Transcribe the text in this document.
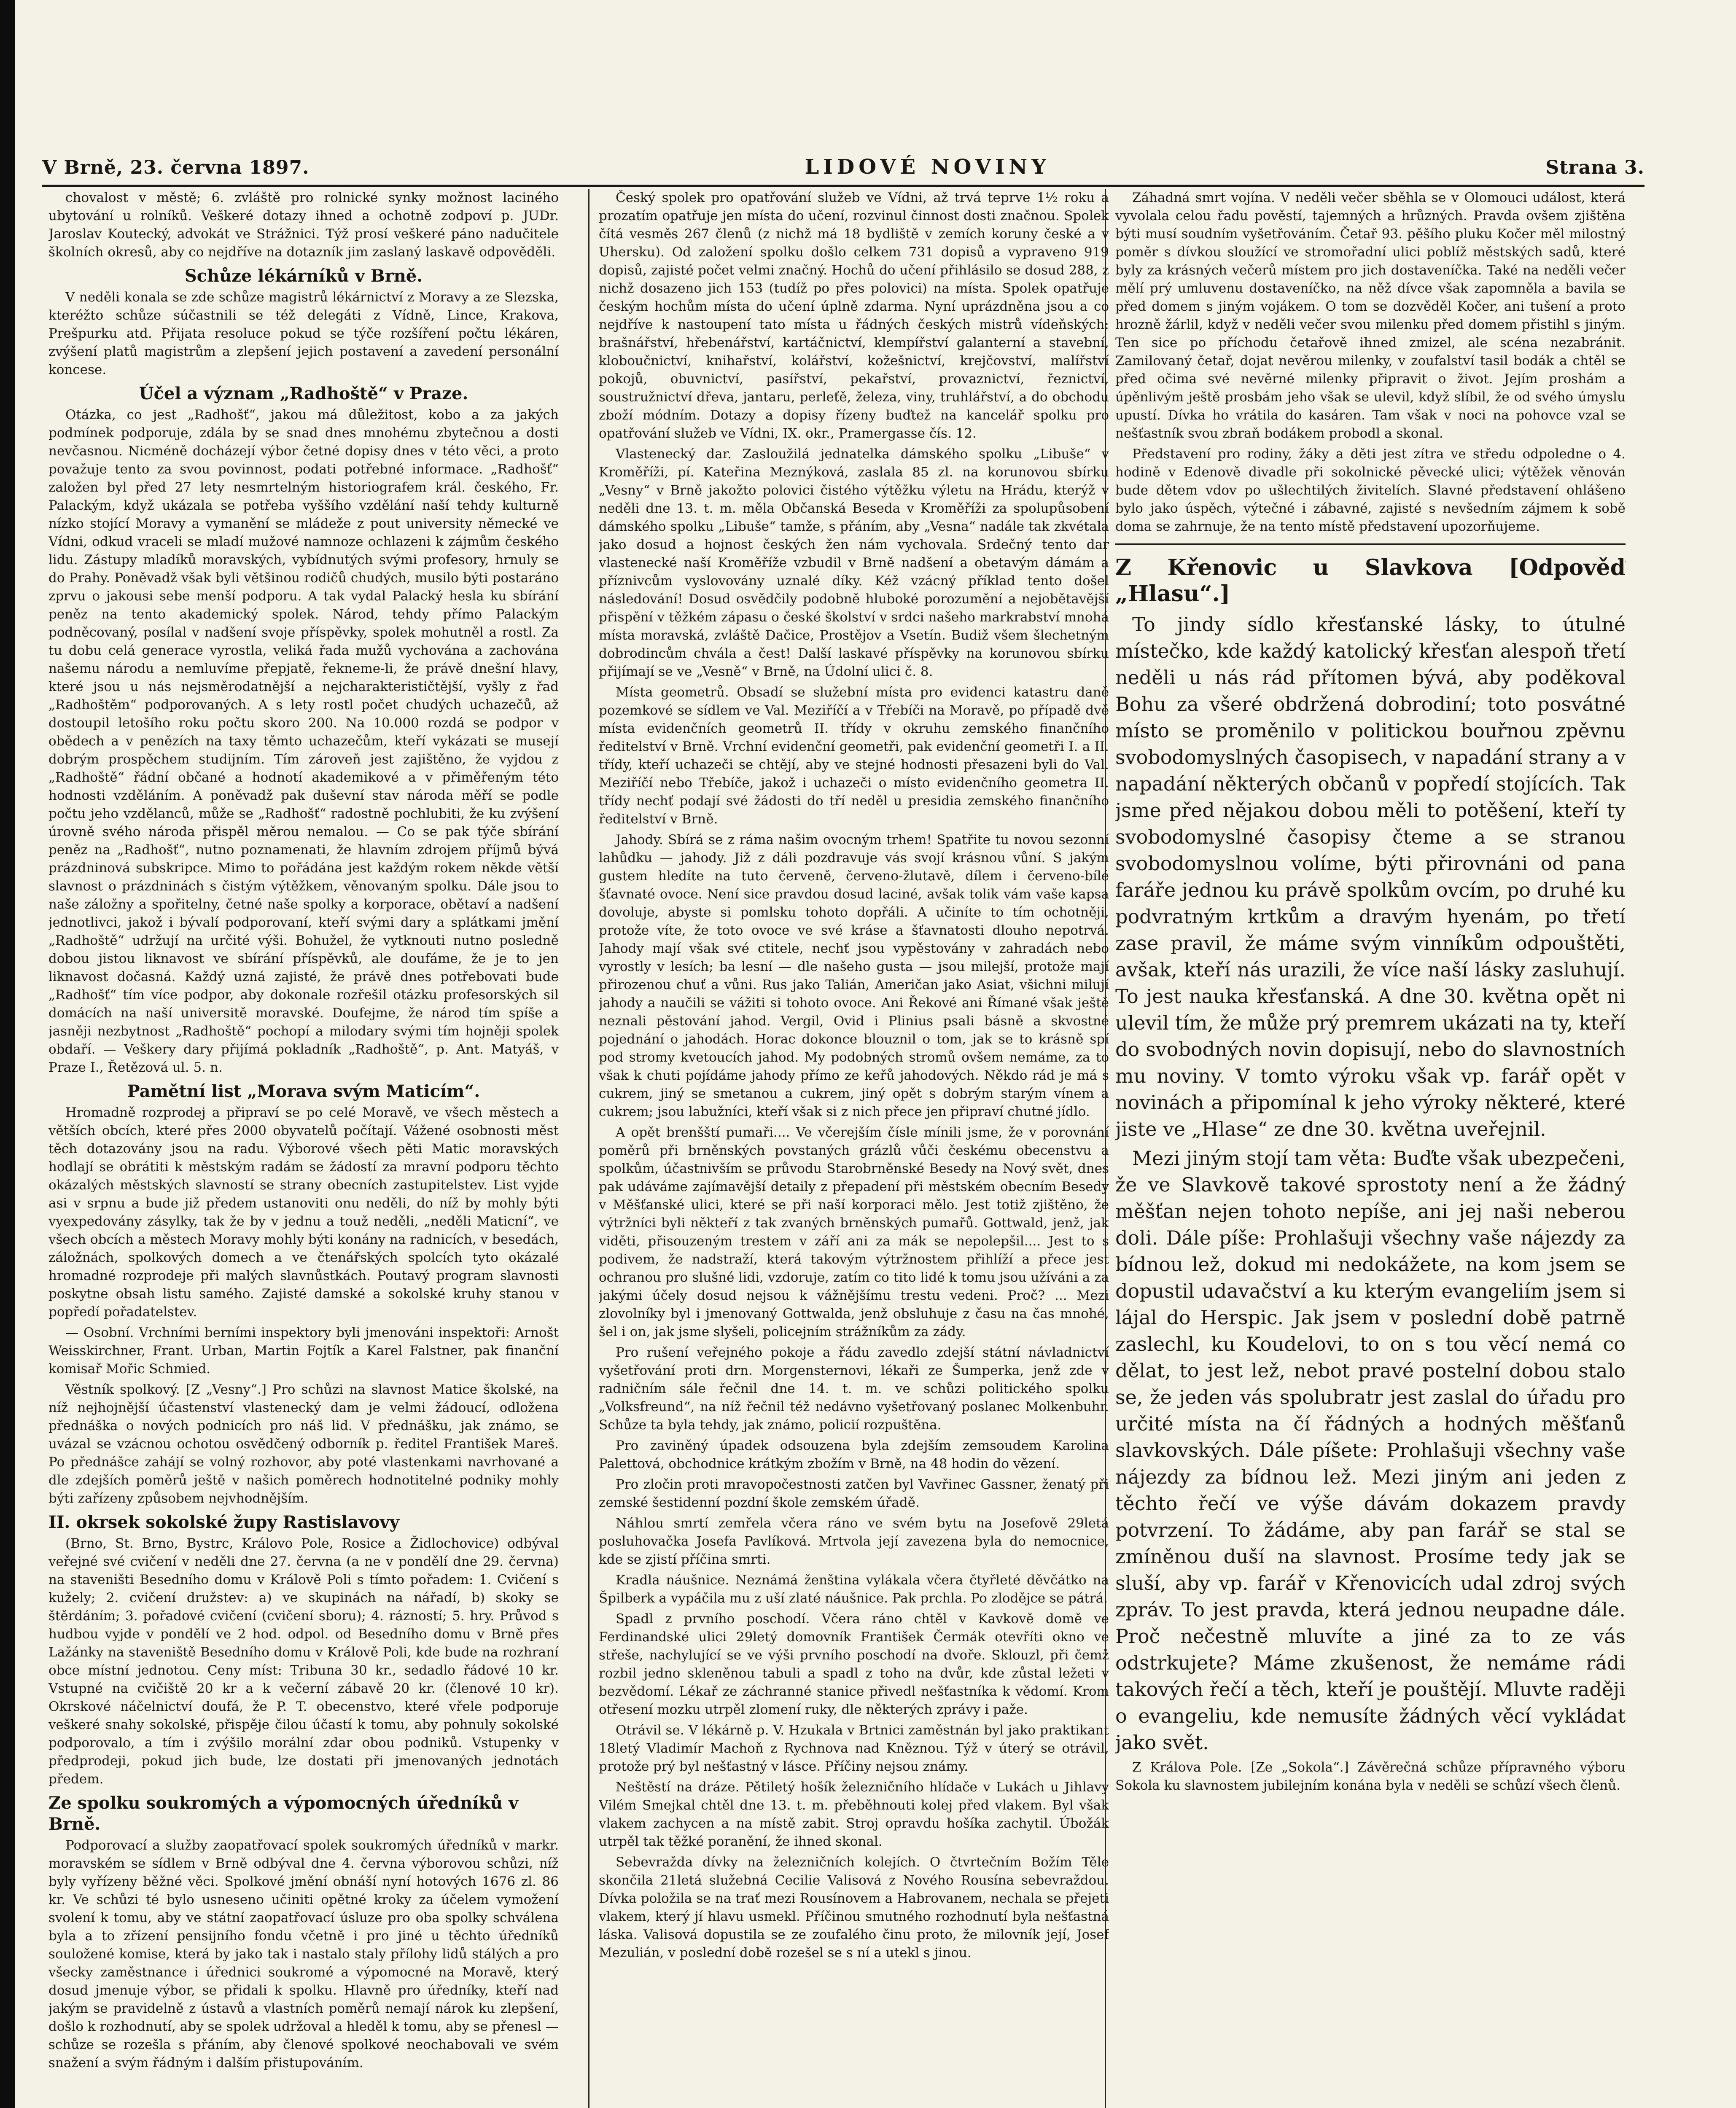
V Brně, 23. června 1897.	LIDOVÉ NOVINY	Strana 3.

chovalost v městě; 6. zvláště pro rolnické synky možnost laciného ubytování u rolníků. Veškeré dotazy ihned a ochotně zodpoví p. JUDr. Jaroslav Koutecký, advokát ve Strážnici. Týž prosí veškeré páno nadučitele školních okresů, aby co nejdříve na dotazník jim zaslaný laskavě odpověděli.

Schůze lékárníků v Brně.

V neděli konala se zde schůze magistrů lékárnictví z Moravy a ze Slezska, kteréžto schůze súčastnili se též delegáti z Vídně, Lince, Krakova, Prešpurku atd. Přijata resoluce pokud se týče rozšíření počtu lékáren, zvýšení platů magistrům a zlepšení jejich postavení a zavedení personální koncese.

Účel a význam „Radhoště“ v Praze.

Otázka, co jest „Radhošť“, jakou má důležitost, kobo a za jakých podmínek podporuje, zdála by se snad dnes mnohému zbytečnou a dosti nevčasnou. Nicméně docházejí výbor četné dopisy dnes v této věci, a proto považuje tento za svou povinnost, podati potřebné informace. „Radhošť“ založen byl před 27 lety nesmrtelným historiografem král. českého, Fr. Palackým, když ukázala se potřeba vyššího vzdělání naší tehdy kulturně nízko stojící Moravy a vymanění se mládeže z pout university německé ve Vídni, odkud vraceli se mladí mužové namnoze ochlazeni k zájmům českého lidu. Zástupy mladíků moravských, vybídnutých svými profesory, hrnuly se do Prahy. Poněvadž však byli většinou rodičů chudých, musilo býti postaráno zprvu o jakousi sebe menší podporu. A tak vydal Palacký hesla ku sbírání peněz na tento akademický spolek. Národ, tehdy přímo Palackým podněcovaný, posílal v nadšení svoje příspěvky, spolek mohutněl a rostl. Za tu dobu celá generace vyrostla, veliká řada mužů vychována a zachována našemu národu a nemluvíme přepjatě, řekneme-li, že právě dnešní hlavy, které jsou u nás nejsměrodatnější a nejcharakterističtější, vyšly z řad „Radhoštěm“ podporovaných. A s lety rostl počet chudých uchazečů, až dostoupil letošího roku počtu skoro 200. Na 10.000 rozdá se podpor v obědech a v penězích na taxy těmto uchazečům, kteří vykázati se musejí dobrým prospěchem studijním. Tím zároveň jest zajištěno, že vyjdou z „Radhoště“ řádní občané a hodnotí akademikové a v přiměřeným této hodnosti vzděláním. A poněvadž pak duševní stav národa měří se podle počtu jeho vzdělanců, může se „Radhošť“ radostně pochlubiti, že ku zvýšení úrovně svého národa přispěl měrou nemalou. — Co se pak týče sbírání peněz na „Radhošť“, nutno poznamenati, že hlavním zdrojem příjmů bývá prázdninová subskripce. Mimo to pořádána jest každým rokem někde větší slavnost o prázdninách s čistým výtěžkem, věnovaným spolku. Dále jsou to naše záložny a spořitelny, četné naše spolky a korporace, obětaví a nadšení jednotlivci, jakož i bývalí podporovaní, kteří svými dary a splátkami jmění „Radhoště“ udržují na určité výši. Bohužel, že vytknouti nutno posledně dobou jistou liknavost ve sbírání příspěvků, ale doufáme, že je to jen liknavost dočasná. Každý uzná zajisté, že právě dnes potřebovati bude „Radhošť“ tím více podpor, aby dokonale rozřešil otázku profesorských sil domácích na naší universitě moravské. Doufejme, že národ tím spíše a jasněji nezbytnost „Radhoště“ pochopí a milodary svými tím hojněji spolek obdaří. — Veškery dary přijímá pokladník „Radhoště“, p. Ant. Matyáš, v Praze I., Řetězová ul. 5. n.

Pamětní list „Morava svým Maticím“.

Hromadně rozprodej a připraví se po celé Moravě, ve všech městech a větších obcích, které přes 2000 obyvatelů počítají. Vážené osobnosti měst těch dotazovány jsou na radu. Výborové všech pěti Matic moravských hodlají se obrátiti k městským radám se žádostí za mravní podporu těchto okázalých městských slavností se strany obecních zastupitelstev. List vyjde asi v srpnu a bude již předem ustanoviti onu neděli, do níž by mohly býti vyexpedovány zásylky, tak že by v jednu a touž neděli, „neděli Maticní“, ve všech obcích a městech Moravy mohly býti konány na radnicích, v besedách, záložnách, spolkových domech a ve čtenářských spolcích tyto okázalé hromadné rozprodeje při malých slavnůstkách. Poutavý program slavnosti poskytne obsah listu samého. Zajisté damské a sokolské kruhy stanou v popředí pořadatelstev.

— Osobní. Vrchními berními inspektory byli jmenováni inspektoři: Arnošt Weisskirchner, Frant. Urban, Martin Fojtík a Karel Falstner, pak finanční komisař Mořic Schmied.

Věstník spolkový. [Z „Vesny“.] Pro schůzi na slavnost Matice školské, na níž nejhojnější účastenství vlastenecký dam je velmi žádoucí, odložena přednáška o nových podnicích pro náš lid. V přednášku, jak známo, se uvázal se vzácnou ochotou osvědčený odborník p. ředitel František Mareš. Po přednášce zahájí se volný rozhovor, aby poté vlastenkami navrhované a dle zdejších poměrů ještě v našich poměrech hodnotitelné podniky mohly býti zařízeny způsobem nejvhodnějším.

II. okrsek sokolské župy Rastislavovy

(Brno, St. Brno, Bystrc, Královo Pole, Rosice a Židlochovice) odbýval veřejné své cvičení v neděli dne 27. června (a ne v pondělí dne 29. června) na staveništi Besedního domu v Králově Poli s tímto pořadem: 1. Cvičení s kužely; 2. cvičení družstev: a) ve skupinách na nářadí, b) skoky se štěrdáním; 3. pořadové cvičení (cvičení sboru); 4. rázností; 5. hry. Průvod s hudbou vyjde v pondělí ve 2 hod. odpol. od Besedního domu v Brně přes Lažánky na staveniště Besedního domu v Králově Poli, kde bude na rozhraní obce místní jednotou. Ceny míst: Tribuna 30 kr., sedadlo řádové 10 kr. Vstupné na cvičiště 20 kr a k večerní zábavě 20 kr. (členové 10 kr). Okrskové náčelnictví doufá, že P. T. obecenstvo, které vřele podporuje veškeré snahy sokolské, přispěje čilou účastí k tomu, aby pohnuly sokolské podporovalo, a tím i zvýšilo morální zdar obou podniků. Vstupenky v předprodeji, pokud jich bude, lze dostati při jmenovaných jednotách předem.

Ze spolku soukromých a výpomocných úředníků v Brně.

Podporovací a služby zaopatřovací spolek soukromých úředníků v markr. moravském se sídlem v Brně odbýval dne 4. června výborovou schůzi, níž byly vyřízeny běžné věci. Spolkové jmění obnáší nyní hotových 1676 zl. 86 kr. Ve schůzi té bylo usneseno učiniti opětné kroky za účelem vymožení svolení k tomu, aby ve státní zaopatřovací úsluze pro oba spolky schválena byla a to zřízení pensijního fondu včetně i pro jiné u těchto úředníků souložené komise, která by jako tak i nastalo staly přílohy lidů stálých a pro všecky zaměstnance i úřednici soukromé a výpomocné na Moravě, který dosud jmenuje výbor, se přidali k spolku. Hlavně pro úředníky, kteří nad jakým se pravidelně z ústavů a vlastních poměrů nemají nárok ku zlepšení, došlo k rozhodnutí, aby se spolek udržoval a hleděl k tomu, aby se přenesl — schůze se rozešla s přáním, aby členové spolkové neochabovali ve svém snažení a svým řádným i dalším přistupováním.

Český spolek pro opatřování služeb ve Vídni, až trvá teprve 1½ roku a prozatím opatřuje jen místa do učení, rozvinul činnost dosti značnou. Spolek čítá vesměs 267 členů (z nichž má 18 bydliště v zemích koruny české a v Uhersku). Od založení spolku došlo celkem 731 dopisů a vypraveno 919 dopisů, zajisté počet velmi značný. Hochů do učení přihlásilo se dosud 288, z nichž dosazeno jich 153 (tudíž po přes polovici) na místa. Spolek opatřuje českým hochům místa do učení úplně zdarma. Nyní uprázdněna jsou a co nejdříve k nastoupení tato místa u řádných českých mistrů vídeňských: brašnářství, hřebenářství, kartáčnictví, klempířství galanterní a stavební, kloboučnictví, knihařství, kolářství, kožešnictví, krejčovství, malířství pokojů, obuvnictví, pasířství, pekařství, provaznictví, řeznictví, soustružnictví dřeva, jantaru, perleťě, železa, viny, truhlářství, a do obchodu zboží módním. Dotazy a dopisy řízeny buďtež na kancelář spolku pro opatřování služeb ve Vídni, IX. okr., Pramergasse čís. 12.

Vlastenecký dar. Zasloužilá jednatelka dámského spolku „Libuše“ v Kroměříži, pí. Kateřina Meznýková, zaslala 85 zl. na korunovou sbírku „Vesny“ v Brně jakožto polovici čistého výtěžku výletu na Hrádu, kterýž v neděli dne 13. t. m. měla Občanská Beseda v Kroměříži za spolupůsobení dámského spolku „Libuše“ tamže, s přáním, aby „Vesna“ nadále tak zkvétala jako dosud a hojnost českých žen nám vychovala. Srdečný tento dar vlastenecké naší Kroměříže vzbudil v Brně nadšení a obetavým dámám a příznivcům vyslovovány uznalé díky. Kéž vzácný příklad tento došel následování! Dosud osvědčily podobně hluboké porozumění a nejobětavější přispění v těžkém zápasu o české školství v srdci našeho markrabství mnohá místa moravská, zvláště Dačice, Prostějov a Vsetín. Budiž všem šlechetným dobrodincům chvála a čest! Další laskavé příspěvky na korunovou sbírku přijímají se ve „Vesně“ v Brně, na Údolní ulici č. 8.

Místa geometrů. Obsadí se služební místa pro evidenci katastru daně pozemkové se sídlem ve Val. Meziříčí a v Třebíči na Moravě, po případě dvě místa evidenčních geometrů II. třídy v okruhu zemského finančního ředitelství v Brně. Vrchní evidenční geometři, pak evidenční geometři I. a II. třídy, kteří uchazeči se chtějí, aby ve stejné hodnosti přesazeni byli do Val. Meziříčí nebo Třebíče, jakož i uchazeči o místo evidenčního geometra II. třídy nechť podají své žádosti do tří neděl u presidia zemského finančního ředitelství v Brně.

Jahody. Sbírá se z ráma našim ovocným trhem! Spatřite tu novou sezonní lahůdku — jahody. Již z dáli pozdravuje vás svojí krásnou vůní. S jakým gustem hledíte na tuto červeně, červeno-žlutavě, dílem i červeno-bílé šťavnaté ovoce. Není sice pravdou dosud laciné, avšak tolik vám vaše kapsa dovoluje, abyste si pomlsku tohoto dopřáli. A učiníte to tím ochotněji, protože víte, že toto ovoce ve své kráse a šťavnatosti dlouho nepotrvá. Jahody mají však své ctitele, nechť jsou vypěstovány v zahradách nebo vyrostly v lesích; ba lesní — dle našeho gusta — jsou milejší, protože mají přirozenou chuť a vůni. Rus jako Talián, Američan jako Asiat, všichni milují jahody a naučili se vážiti si tohoto ovoce. Ani Řekové ani Římané však ještě neznali pěstování jahod. Vergil, Ovid i Plinius psali básně a skvostné pojednání o jahodách. Horac dokonce blouznil o tom, jak se to krásně spí pod stromy kvetoucích jahod. My podobných stromů ovšem nemáme, za to však k chuti pojídáme jahody přímo ze keřů jahodových. Někdo rád je má s cukrem, jiný se smetanou a cukrem, jiný opět s dobrým starým vínem a cukrem; jsou labužníci, kteří však si z nich přece jen připraví chutné jídlo.

A opět brenšští pumaři.... Ve včerejším čísle mínili jsme, že v porovnání poměrů při brněnských povstaných grázlů vůči českému obecenstvu a spolkům, účastnivším se průvodu Starobrněnské Besedy na Nový svět, dnes pak udáváme zajímavější detaily z přepadení při městském obecním Besedy v Měšťanské ulici, které se při naší korporaci mělo. Jest totiž zjištěno, že výtržníci byli někteří z tak zvaných brněnských pumařů. Gottwald, jenž, jak viděti, přisouzeným trestem v září ani za mák se nepolepšil.... Jest to s podivem, že nadstraží, která takovým výtržnostem přihlíží a přece jest ochranou pro slušné lidi, vzdoruje, zatím co tito lidé k tomu jsou užíváni a za jakými účely dosud nejsou k vážnějšímu trestu vedeni. Proč? ... Mezi zlovolníky byl i jmenovaný Gottwalda, jenž obsluhuje z času na čas mnohé, šel i on, jak jsme slyšeli, policejním strážníkům za zády.

Pro rušení veřejného pokoje a řádu zavedlo zdejší státní návladnictví vyšetřování proti drn. Morgensternovi, lékaři ze Šumperka, jenž zde v radničním sále řečnil dne 14. t. m. ve schůzi politického spolku „Volksfreund“, na níž řečnil též nedávno vyšetřovaný poslanec Molkenbuhr. Schůze ta byla tehdy, jak známo, policií rozpuštěna.

Pro zaviněný úpadek odsouzena byla zdejším zemsoudem Karolina Palettová, obchodnice krátkým zbožím v Brně, na 48 hodin do vězení.

Pro zločin proti mravopočestnosti zatčen byl Vavřinec Gassner, ženatý při zemské šestidenní pozdní škole zemském úřadě.

Náhlou smrtí zemřela včera ráno ve svém bytu na Josefově 29letá posluhovačka Josefa Pavlíková. Mrtvola její zavezena byla do nemocnice, kde se zjistí příčina smrti.

Kradla náušnice. Neznámá ženština vylákala včera čtyřleté děvčátko na Špilberk a vypáčila mu z uší zlaté náušnice. Pak prchla. Po zlodějce se pátrá.

Spadl z prvního poschodí. Včera ráno chtěl v Kavkově domě ve Ferdinandské ulici 29letý domovník František Čermák otevříti okno ve střeše, nachylující se ve výši prvního poschodí na dvoře. Sklouzl, při čemž rozbil jedno skleněnou tabuli a spadl z toho na dvůr, kde zůstal ležeti v bezvědomí. Lékař ze záchranné stanice přivedl nešťastníka k vědomí. Krom otřesení mozku utrpěl zlomení ruky, dle některých zprávy i paže.

Otrávil se. V lékárně p. V. Hzukala v Brtnici zaměstnán byl jako praktikant 18letý Vladimír Machoň z Rychnova nad Kněznou. Týž v úterý se otrávil, protože prý byl nešťastný v lásce. Příčiny nejsou známy.

Neštěstí na dráze. Pětiletý hošík železničního hlídače v Lukách u Jihlavy Vilém Smejkal chtěl dne 13. t. m. přeběhnouti kolej před vlakem. Byl však vlakem zachycen a na místě zabit. Stroj opravdu hošíka zachytil. Úbožák utrpěl tak těžké poranění, že ihned skonal.

Sebevražda dívky na železničních kolejích. O čtvrtečním Božím Těle skončila 21letá služebná Cecilie Valisová z Nového Rousína sebevraždou. Dívka položila se na trať mezi Rousínovem a Habrovanem, nechala se přejeti vlakem, který jí hlavu usmekl. Příčinou smutného rozhodnutí byla nešťastná láska. Valisová dopustila se ze zoufalého činu proto, že milovník její, Josef Mezulián, v poslední době rozešel se s ní a utekl s jinou.

Záhadná smrt vojína. V neděli večer sběhla se v Olomouci událost, která vyvolala celou řadu pověstí, tajemných a hrůzných. Pravda ovšem zjištěna býti musí soudním vyšetřováním. Četař 93. pěšího pluku Kočer měl milostný poměr s dívkou sloužící ve stromořadní ulici poblíž městských sadů, které byly za krásných večerů místem pro jich dostaveníčka. Také na neděli večer mělí prý umluvenu dostaveníčko, na něž dívce však zapomněla a bavila se před domem s jiným vojákem. O tom se dozvěděl Kočer, ani tušení a proto hrozně žárlil, když v neděli večer svou milenku před domem přistihl s jiným. Ten sice po příchodu četařově ihned zmizel, ale scéna nezabránit. Zamilovaný četař, dojat nevěrou milenky, v zoufalství tasil bodák a chtěl se před očima své nevěrné milenky připravit o život. Jejím proshám a úpěnlivým ještě prosbám jeho však se ulevil, když slíbil, že od svého úmyslu upustí. Dívka ho vrátila do kasáren. Tam však v noci na pohovce vzal se nešťastník svou zbraň bodákem probodl a skonal.

Představení pro rodiny, žáky a děti jest zítra ve středu odpoledne o 4. hodině v Edenově divadle při sokolnické pěvecké ulici; výtěžek věnován bude dětem vdov po ušlechtilých živitelích. Slavné představení ohlášeno bylo jako úspěch, výtečné i zábavné, zajisté s nevšedním zájmem k sobě doma se zahrnuje, že na tento místě představení upozorňujeme.

Z Křenovic u Slavkova [Odpověď „Hlasu“.]

To jindy sídlo křesťanské lásky, to útulné místečko, kde každý katolický křesťan alespoň třetí neděli u nás rád přítomen bývá, aby poděkoval Bohu za všeré obdržená dobrodiní; toto posvátné místo se proměnilo v politickou bouřnou zpěvnu svobodomyslných časopisech, v napadání strany a v napadání některých občanů v popředí stojících. Tak jsme před nějakou dobou měli to potěšení, kteří ty svobodomyslné časopisy čteme a se stranou svobodomyslnou volíme, býti přirovnáni od pana faráře jednou ku právě spolkům ovcím, po druhé ku podvratným krtkům a dravým hyenám, po třetí zase pravil, že máme svým vinníkům odpouštěti, avšak, kteří nás urazili, že více naší lásky zasluhují. To jest nauka křesťanská. A dne 30. května opět ni ulevil tím, že může prý premrem ukázati na ty, kteří do svobodných novin dopisují, nebo do slavnostních mu noviny. V tomto výroku však vp. farář opět v novinách a připomínal k jeho výroky některé, které jiste ve „Hlase“ ze dne 30. května uveřejnil.

Mezi jiným stojí tam věta: Buďte však ubezpečeni, že ve Slavkově takové sprostoty není a že žádný měšťan nejen tohoto nepíše, ani jej naši neberou doli. Dále píše: Prohlašuji všechny vaše nájezdy za bídnou lež, dokud mi nedokážete, na kom jsem se dopustil udavačství a ku kterým evangeliím jsem si lájal do Herspic. Jak jsem v poslední době patrně zaslechl, ku Koudelovi, to on s tou věcí nemá co dělat, to jest lež, nebot pravé postelní dobou stalo se, že jeden vás spolubratr jest zaslal do úřadu pro určité místa na čí řádných a hodných měšťanů slavkovských. Dále píšete: Prohlašuji všechny vaše nájezdy za bídnou lež. Mezi jiným ani jeden z těchto řečí ve výše dávám dokazem pravdy potvrzení. To žádáme, aby pan farář se stal se zmíněnou duší na slavnost. Prosíme tedy jak se sluší, aby vp. farář v Křenovicích udal zdroj svých zpráv. To jest pravda, která jednou neupadne dále. Proč nečestně mluvíte a jiné za to ze vás odstrkujete? Máme zkušenost, že nemáme rádi takových řečí a těch, kteří je pouštějí. Mluvte raději o evangeliu, kde nemusíte žádných věcí vykládat jako svět.

Z Králova Pole. [Ze „Sokola“.] Závěrečná schůze přípravného výboru Sokola ku slavnostem jubilejním konána byla v neděli se schůzí všech členů.
